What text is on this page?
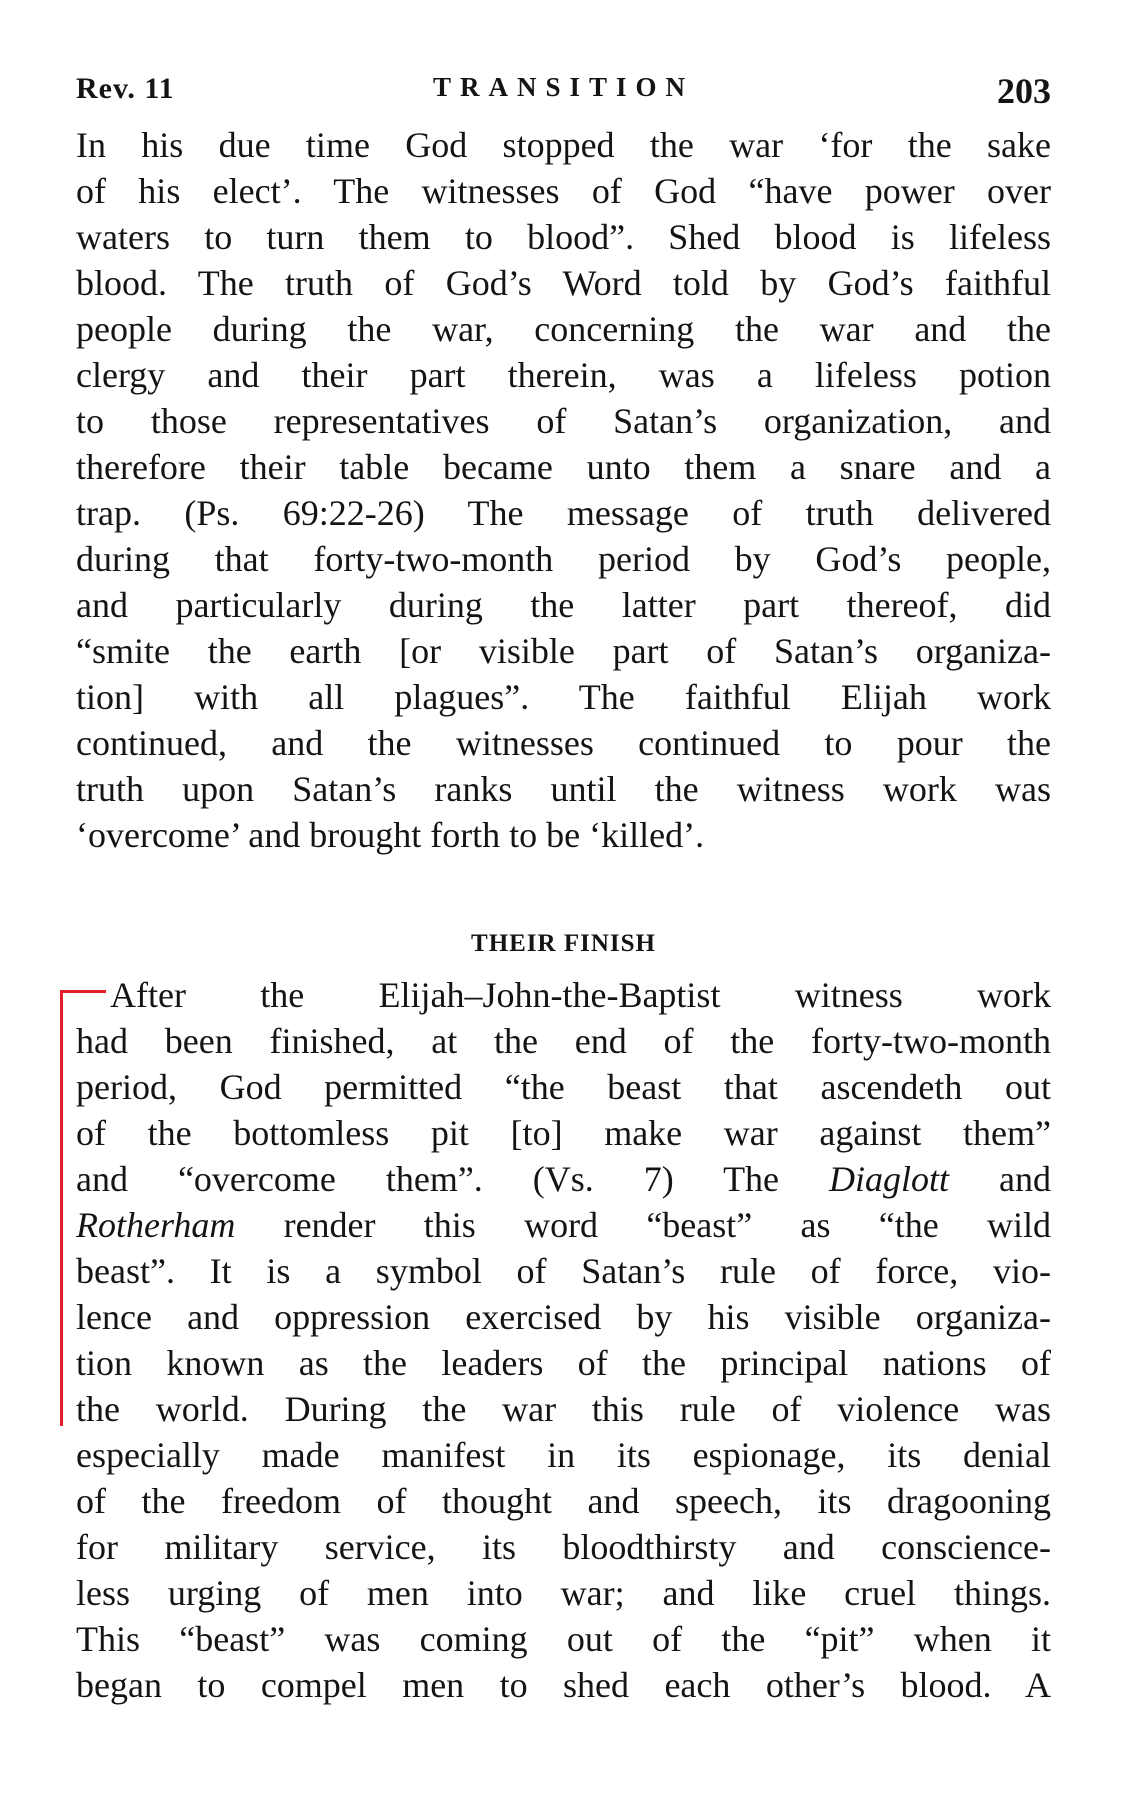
Rev. 11	TRANSITION	203
In his due time God stopped the war ‘for the sake
of his elect’. The witnesses of God “have power over
waters to turn them to blood”. Shed blood is lifeless
blood. The truth of God’s Word told by God’s faithful
people during the war, concerning the war and the
clergy and their part therein, was a lifeless potion
to those representatives of Satan’s organization, and
therefore their table became unto them a snare and a
trap. (Ps. 69:22-26) The message of truth delivered
during that forty-two-month period by God’s people,
and particularly during the latter part thereof, did
“smite the earth [or visible part of Satan’s organiza-
tion] with all plagues”. The faithful Elijah work
continued, and the witnesses continued to pour the
truth upon Satan’s ranks until the witness work was
‘overcome’ and brought forth to be ‘killed’.
THEIR FINISH
After the Elijah–John-the-Baptist witness work
had been finished, at the end of the forty-two-month
period, God permitted “the beast that ascendeth out
of the bottomless pit [to] make war against them”
and “overcome them”. (Vs. 7) The Diaglott and
Rotherham render this word “beast” as “the wild
beast”. It is a symbol of Satan’s rule of force, vio-
lence and oppression exercised by his visible organiza-
tion known as the leaders of the principal nations of
the world. During the war this rule of violence was
especially made manifest in its espionage, its denial
of the freedom of thought and speech, its dragooning
for military service, its bloodthirsty and conscience-
less urging of men into war; and like cruel things.
This “beast” was coming out of the “pit” when it
began to compel men to shed each other’s blood. A
